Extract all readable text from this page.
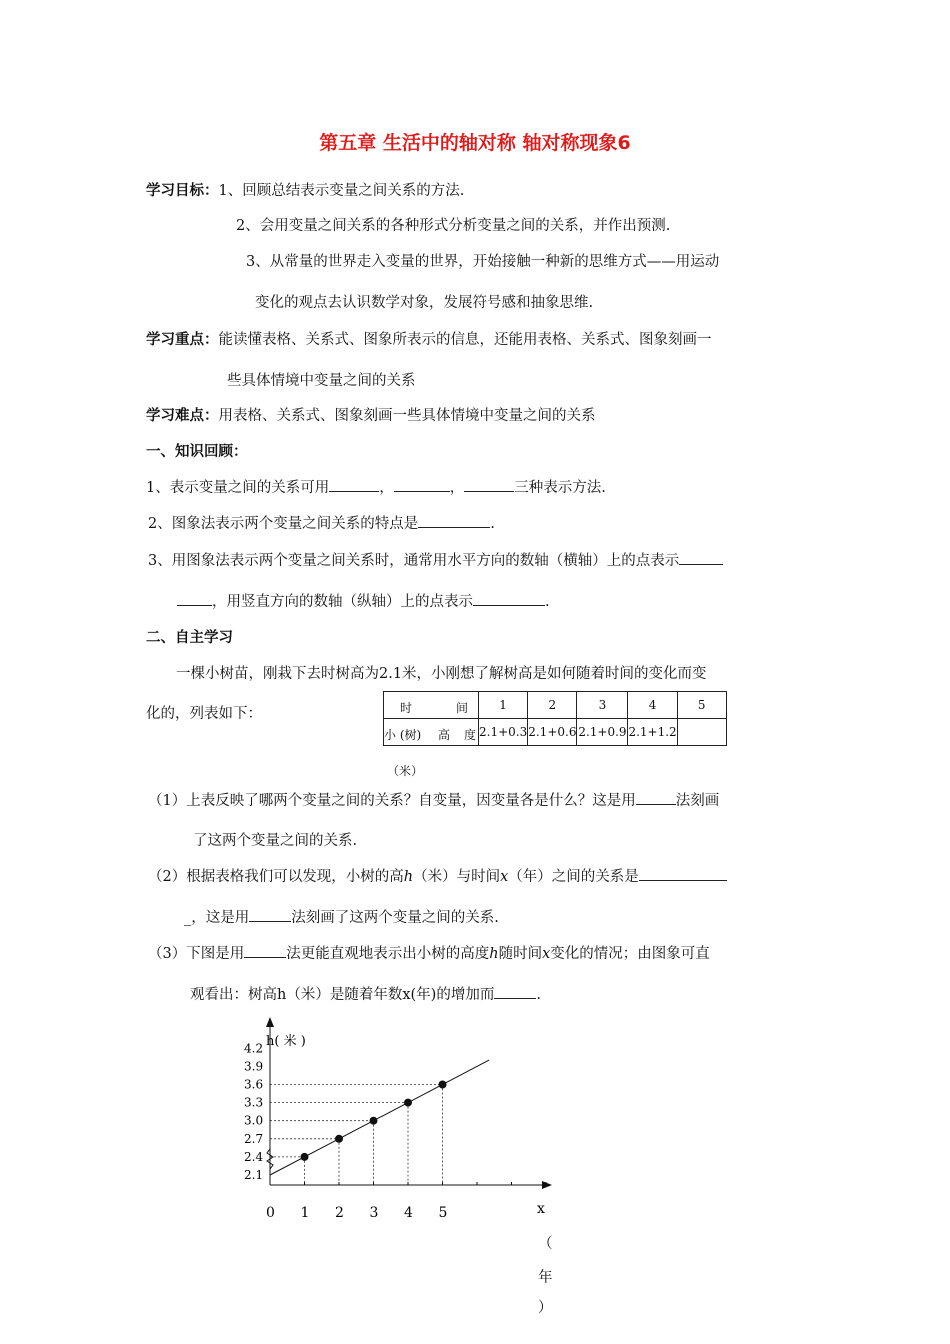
第五章 生活中的轴对称 轴对称现象6
学习目标：1、回顾总结表示变量之间关系的方法.
2、会用变量之间关系的各种形式分析变量之间的关系，并作出预测.
3、从常量的世界走入变量的世界，开始接触一种新的思维方式——用运动
变化的观点去认识数学对象，发展符号感和抽象思维.
学习重点：能读懂表格、关系式、图象所表示的信息，还能用表格、关系式、图象刻画一
些具体情境中变量之间的关系
学习难点：用表格、关系式、图象刻画一些具体情境中变量之间的关系
一、知识回顾：
1、表示变量之间的关系可用	，	，	三种表示方法.
2、图象法表示两个变量之间关系的特点是	.
3、用图象法表示两个变量之间关系时，通常用水平方向的数轴（横轴）上的点表示
，用竖直方向的数轴（纵轴）上的点表示	.
二、自主学习
一棵小树苗，刚栽下去时树高为2.1米，小刚想了解树高是如何随着时间的变化而变
化的，列表如下：	时 间	1	2	3	4	5

小 (树) 高 度	2.1+0.3	2.1+0.6	2.1+0.9	2.1+1.2	
（米）
（1）上表反映了哪两个变量之间的关系？自变量，因变量各是什么？这是用	法刻画
了这两个变量之间的关系.
（2）根据表格我们可以发现，小树的高h（米）与时间x（年）之间的关系是
_，这是用	法刻画了这两个变量之间的关系.
（3）下图是用	法更能直观地表示出小树的高度h随时间x变化的情况；由图象可直
观看出：树高h（米）是随着年数x(年)的增加而	.
h( 米 )
4.2
3.9
3.6
3.3
3.0
2.7
2.4
2.1
0 1 2 3 4 5	x
（
年
）
